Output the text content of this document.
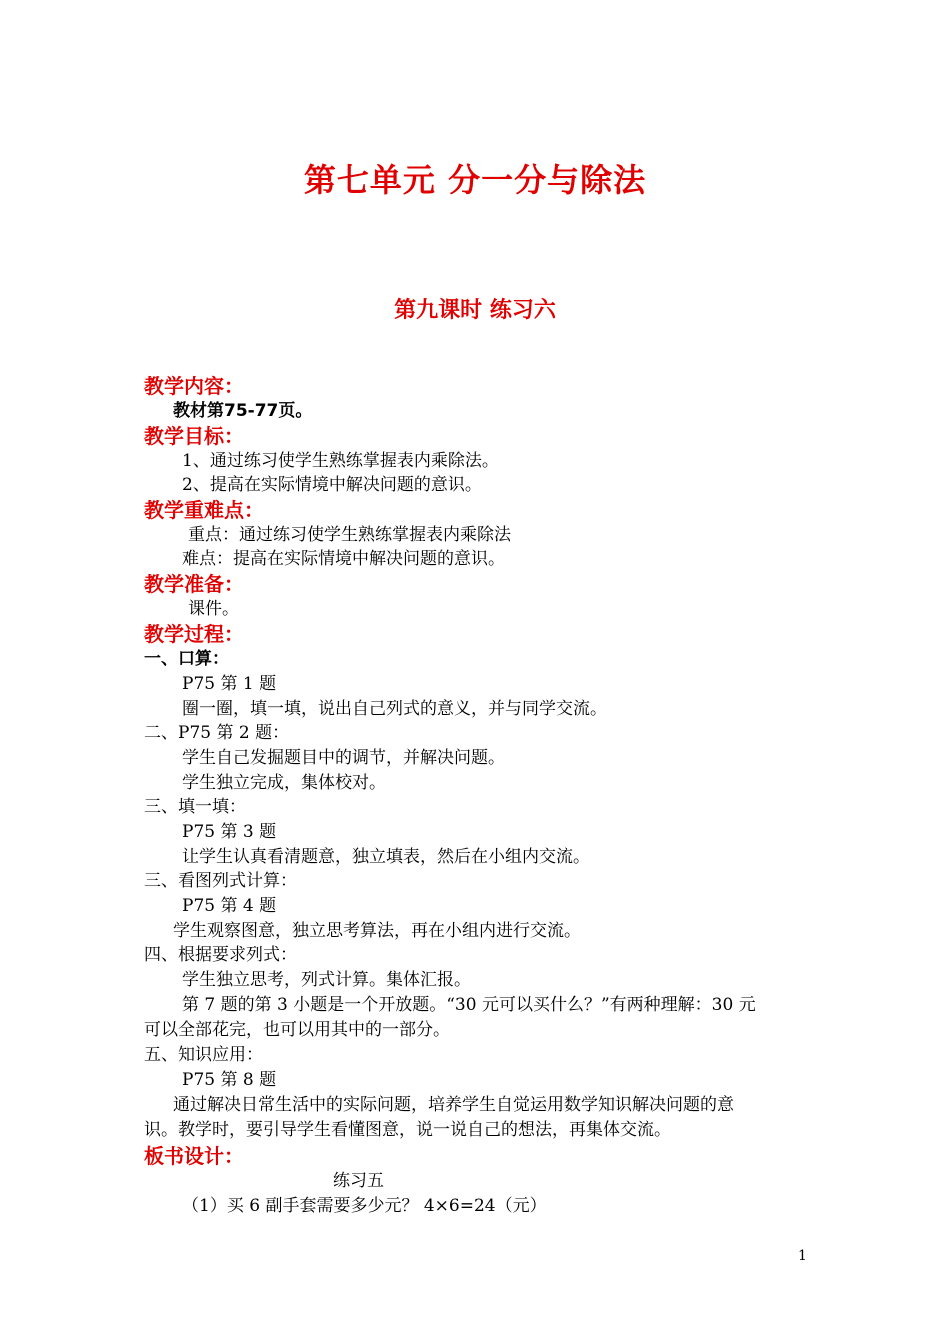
第七单元 分一分与除法
第九课时 练习六
教学内容：
教材第75-77页。
教学目标：
1、通过练习使学生熟练掌握表内乘除法。
2、提高在实际情境中解决问题的意识。
教学重难点：
重点：通过练习使学生熟练掌握表内乘除法
难点：提高在实际情境中解决问题的意识。
教学准备：
课件。
教学过程：
一、口算：
P75 第 1 题
圈一圈，填一填，说出自己列式的意义，并与同学交流。
二、P75 第 2 题：
学生自己发掘题目中的调节，并解决问题。
学生独立完成，集体校对。
三、填一填：
P75 第 3 题
让学生认真看清题意，独立填表，然后在小组内交流。
三、看图列式计算：
P75 第 4 题
学生观察图意，独立思考算法，再在小组内进行交流。
四、根据要求列式：
学生独立思考，列式计算。集体汇报。
第 7 题的第 3 小题是一个开放题。“30 元可以买什么？”有两种理解：30 元
可以全部花完，也可以用其中的一部分。
五、知识应用：
P75 第 8 题
通过解决日常生活中的实际问题，培养学生自觉运用数学知识解决问题的意
识。教学时，要引导学生看懂图意，说一说自己的想法，再集体交流。
板书设计：
练习五
（1）买 6 副手套需要多少元？ 4×6=24（元）
1
